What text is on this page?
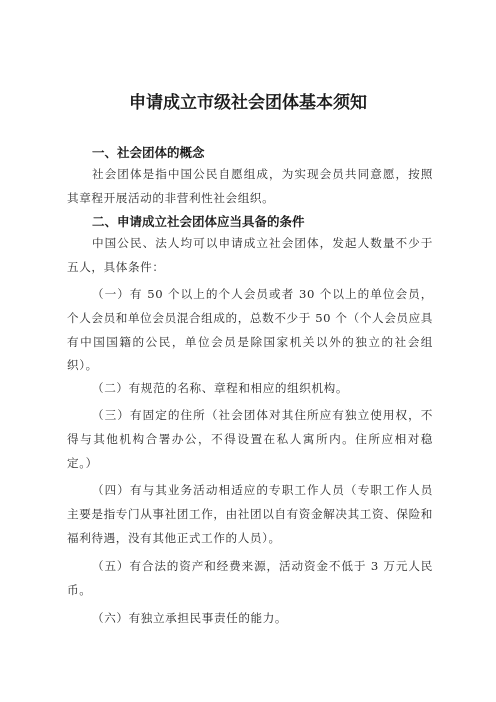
申请成立市级社会团体基本须知
一、社会团体的概念
社会团体是指中国公民自愿组成，为实现会员共同意愿，按照其章程开展活动的非营利性社会组织。
二、申请成立社会团体应当具备的条件
中国公民、法人均可以申请成立社会团体，发起人数量不少于五人，具体条件：
（一）有 50 个以上的个人会员或者 30 个以上的单位会员，个人会员和单位会员混合组成的，总数不少于 50 个（个人会员应具有中国国籍的公民，单位会员是除国家机关以外的独立的社会组织）。
（二）有规范的名称、章程和相应的组织机构。
（三）有固定的住所（社会团体对其住所应有独立使用权，不得与其他机构合署办公，不得设置在私人寓所内。住所应相对稳定。）
（四）有与其业务活动相适应的专职工作人员（专职工作人员主要是指专门从事社团工作，由社团以自有资金解决其工资、保险和福利待遇，没有其他正式工作的人员）。
（五）有合法的资产和经费来源，活动资金不低于 3 万元人民币。
（六）有独立承担民事责任的能力。
